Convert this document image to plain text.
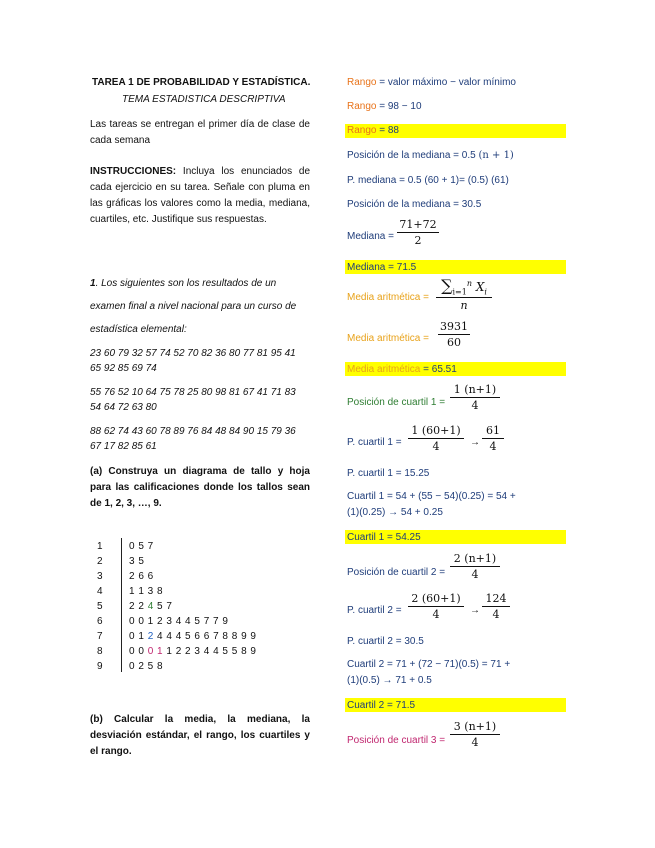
TAREA 1 DE PROBABILIDAD Y ESTADÍSTICA.
TEMA ESTADISTICA DESCRIPTIVA
Las tareas se entregan el primer día de clase de cada semana
INSTRUCCIONES: Incluya los enunciados de cada ejercicio en su tarea. Señale con pluma en las gráficas los valores como la media, mediana, cuartiles, etc. Justifique sus respuestas.
1. Los siguientes son los resultados de un
examen final a nivel nacional para un curso de
estadística elemental:
23 60 79 32 57 74 52 70 82 36 80 77 81 95 41
65 92 85 69 74
55 76 52 10 64 75 78 25 80 98 81 67 41 71 83
54 64 72 63 80
88 62 74 43 60 78 89 76 84 48 84 90 15 79 36
67 17 82 85 61
(a) Construya un diagrama de tallo y hoja para las calificaciones donde los tallos sean de 1, 2, 3, …, 9.
1	0 5 7
2	3 5
3	2 6 6
4	1 1 3 8
5	2 2 4 5 7
6	0 0 1 2 3 4 4 5 7 7 9
7	0 1 2 4 4 4 5 6 6 7 8 8 9 9
8	0 0 0 1 1 2 2 3 4 4 5 5 8 9
9	0 2 5 8
(b) Calcular la media, la mediana, la desviación estándar, el rango, los cuartiles y el rango.
Rango = valor máximo − valor mínimo
Rango = 98 − 10
Rango = 88
Posición de la mediana = 0.5 (n + 1)
P. mediana = 0.5 (60 + 1)= (0.5) (61)
Posición de la mediana = 30.5
Mediana = $\frac{71+72}{2}$
Mediana = 71.5
Media aritmética = $\frac{\sum_{i=1}^n X_i}{n}$
Media aritmética = $\frac{3931}{60}$
Media aritmética = 65.51
Posición de cuartil $1 = \frac{1 (n+1)}{4}$
P. cuartil $1 = \frac{1 (60+1)}{4} \to \frac{61}{4}$
P. cuartil 1 = 15.25
Cuartil 1 = 54 + (55 − 54)(0.25) = 54 +
(1)(0.25) → 54 + 0.25
Cuartil 1 = 54.25
Posición de cuartil $2 = \frac{2 (n+1)}{4}$
P. cuartil $2 = \frac{2 (60+1)}{4} \to \frac{124}{4}$
P. cuartil 2 = 30.5
Cuartil 2 = 71 + (72 − 71)(0.5) = 71 +
(1)(0.5) → 71 + 0.5
Cuartil 2 = 71.5
Posición de cuartil $3 = \frac{3 (n+1)}{4}$
